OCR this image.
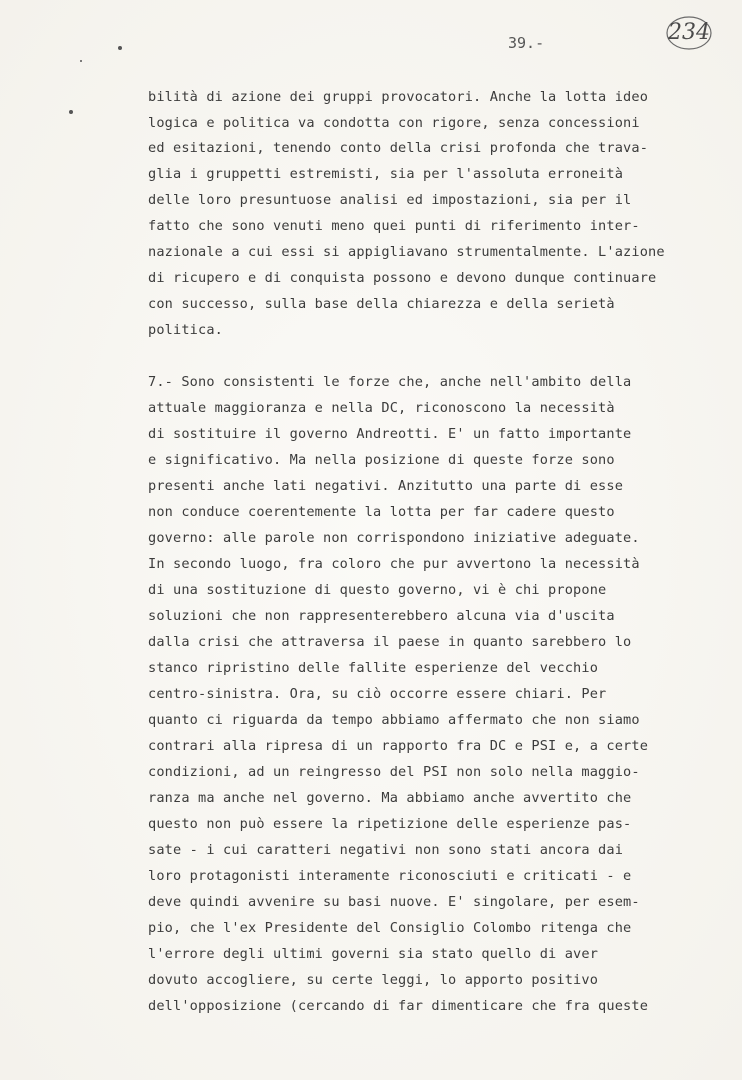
39.-	234
bilità di azione dei gruppi provocatori. Anche la lotta ideo
logica e politica va condotta con rigore, senza concessioni
ed esitazioni, tenendo conto della crisi profonda che trava-
glia i gruppetti estremisti, sia per l'assoluta erroneità
delle loro presuntuose analisi ed impostazioni, sia per il
fatto che sono venuti meno quei punti di riferimento inter-
nazionale a cui essi si appigliavano strumentalmente. L'azione
di ricupero e di conquista possono e devono dunque continuare
con successo, sulla base della chiarezza e della serietà
politica.
7.- Sono consistenti le forze che, anche nell'ambito della
attuale maggioranza e nella DC, riconoscono la necessità
di sostituire il governo Andreotti. E' un fatto importante
e significativo. Ma nella posizione di queste forze sono
presenti anche lati negativi. Anzitutto una parte di esse
non conduce coerentemente la lotta per far cadere questo
governo: alle parole non corrispondono iniziative adeguate.
In secondo luogo, fra coloro che pur avvertono la necessità
di una sostituzione di questo governo, vi è chi propone
soluzioni che non rappresenterebbero alcuna via d'uscita
dalla crisi che attraversa il paese in quanto sarebbero lo
stanco ripristino delle fallite esperienze del vecchio
centro-sinistra. Ora, su ciò occorre essere chiari. Per
quanto ci riguarda da tempo abbiamo affermato che non siamo
contrari alla ripresa di un rapporto fra DC e PSI e, a certe
condizioni, ad un reingresso del PSI non solo nella maggio-
ranza ma anche nel governo. Ma abbiamo anche avvertito che
questo non può essere la ripetizione delle esperienze pas-
sate - i cui caratteri negativi non sono stati ancora dai
loro protagonisti interamente riconosciuti e criticati - e
deve quindi avvenire su basi nuove. E' singolare, per esem-
pio, che l'ex Presidente del Consiglio Colombo ritenga che
l'errore degli ultimi governi sia stato quello di aver
dovuto accogliere, su certe leggi, lo apporto positivo
dell'opposizione (cercando di far dimenticare che fra queste
